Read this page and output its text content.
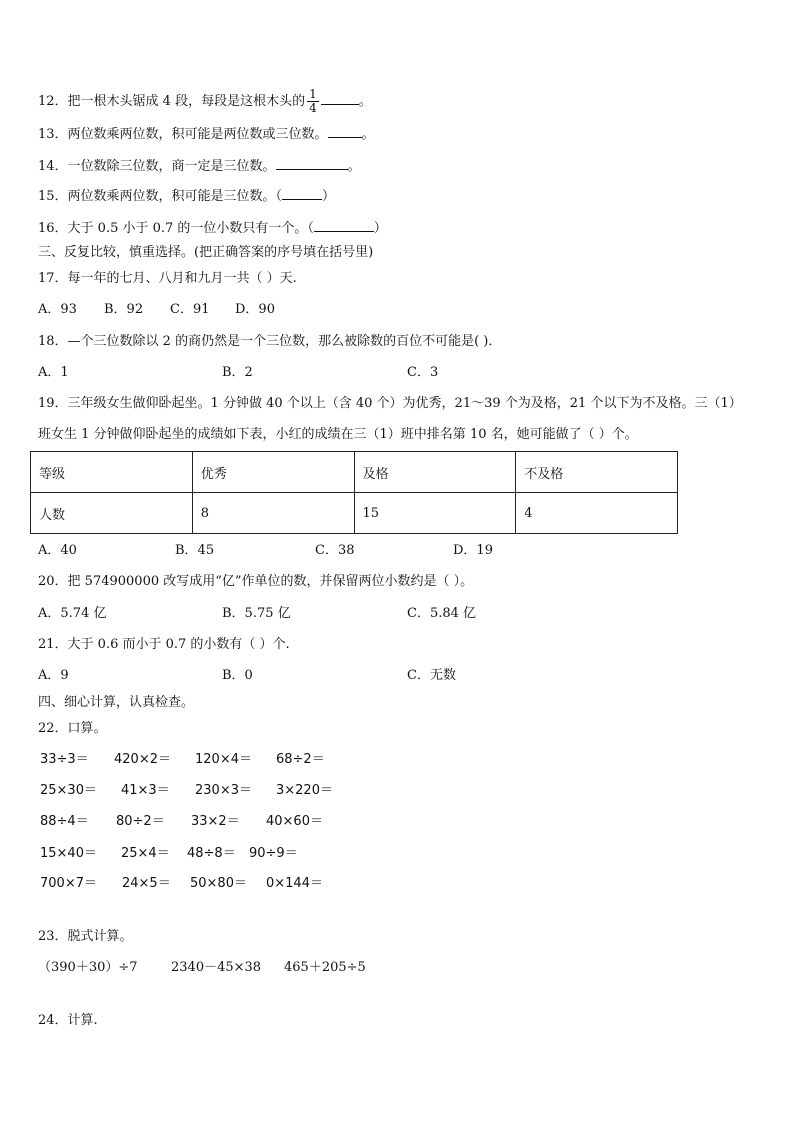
12．把一根木头锯成 4 段，每段是这根木头的 $\frac{1}{4}$	。
13．两位数乘两位数，积可能是两位数或三位数。	。
14．一位数除三位数，商一定是三位数。	。
15．两位数乘两位数，积可能是三位数。（	）
16．大于 0.5 小于 0.7 的一位小数只有一个。（	）
三、反复比较，慎重选择。(把正确答案的序号填在括号里)
17．每一年的七月、八月和九月一共（ ）天.
A．93 B．92 C．91 D．90
18．—个三位数除以 2 的商仍然是一个三位数，那么被除数的百位不可能是( )．
A．1	B．2	C．3
19．三年级女生做仰卧起坐。1 分钟做 40 个以上（含 40 个）为优秀，21～39 个为及格，21 个以下为不及格。三（1）
班女生 1 分钟做仰卧起坐的成绩如下表，小红的成绩在三（1）班中排名第 10 名，她可能做了（ ）个。
等级	优秀	及格	不及格
人数	8	15	4
A．40	B．45	C．38	D．19
20．把 574900000 改写成用“亿”作单位的数，并保留两位小数约是（ ）。
A．5.74 亿	B．5.75 亿	C．5.84 亿
21．大于 0.6 而小于 0.7 的小数有（ ）个.
A．9	B．0	C．无数
四、细心计算，认真检查。
22．口算。
33÷3＝ 420×2＝ 120×4＝ 68÷2＝
25×30＝ 41×3＝ 230×3＝ 3×220＝
88÷4＝ 80÷2＝ 33×2＝ 40×60＝
15×40＝ 25×4＝ 48÷8＝ 90÷9＝
700×7＝ 24×5＝ 50×80＝ 0×144＝
23．脱式计算。
（390＋30）÷7	2340－45×38 465＋205÷5
24．计算.
